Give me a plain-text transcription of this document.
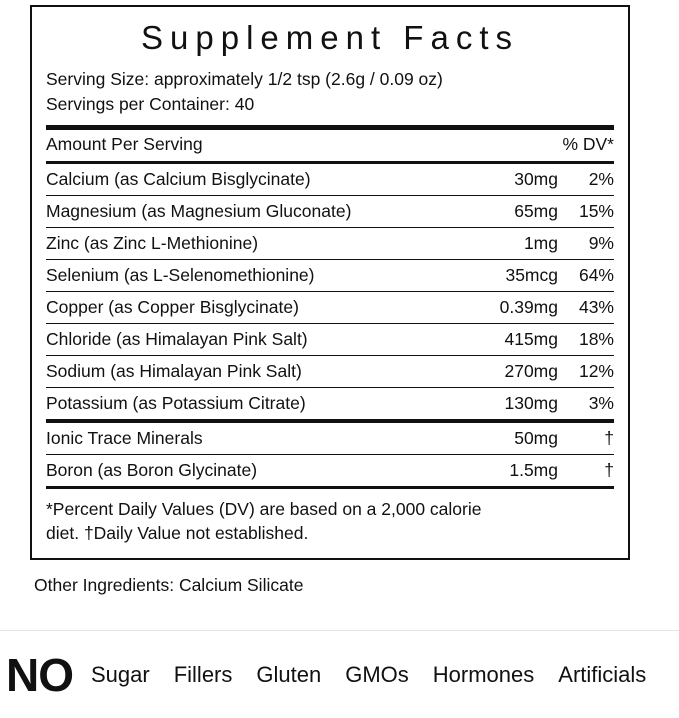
Supplement Facts
Serving Size: approximately 1/2 tsp (2.6g / 0.09 oz)
Servings per Container: 40
Amount Per Serving	% DV*
Calcium (as Calcium Bisglycinate)	30mg	2%
Magnesium (as Magnesium Gluconate)	65mg	15%
Zinc (as Zinc L-Methionine)	1mg	9%
Selenium (as L-Selenomethionine)	35mcg	64%
Copper (as Copper Bisglycinate)	0.39mg	43%
Chloride (as Himalayan Pink Salt)	415mg	18%
Sodium (as Himalayan Pink Salt)	270mg	12%
Potassium (as Potassium Citrate)	130mg	3%
Ionic Trace Minerals	50mg	†
Boron (as Boron Glycinate)	1.5mg	†
*Percent Daily Values (DV) are based on a 2,000 calorie
diet. †Daily Value not established.
Other Ingredients: Calcium Silicate
NO Sugar Fillers Gluten GMOs Hormones Artificials
